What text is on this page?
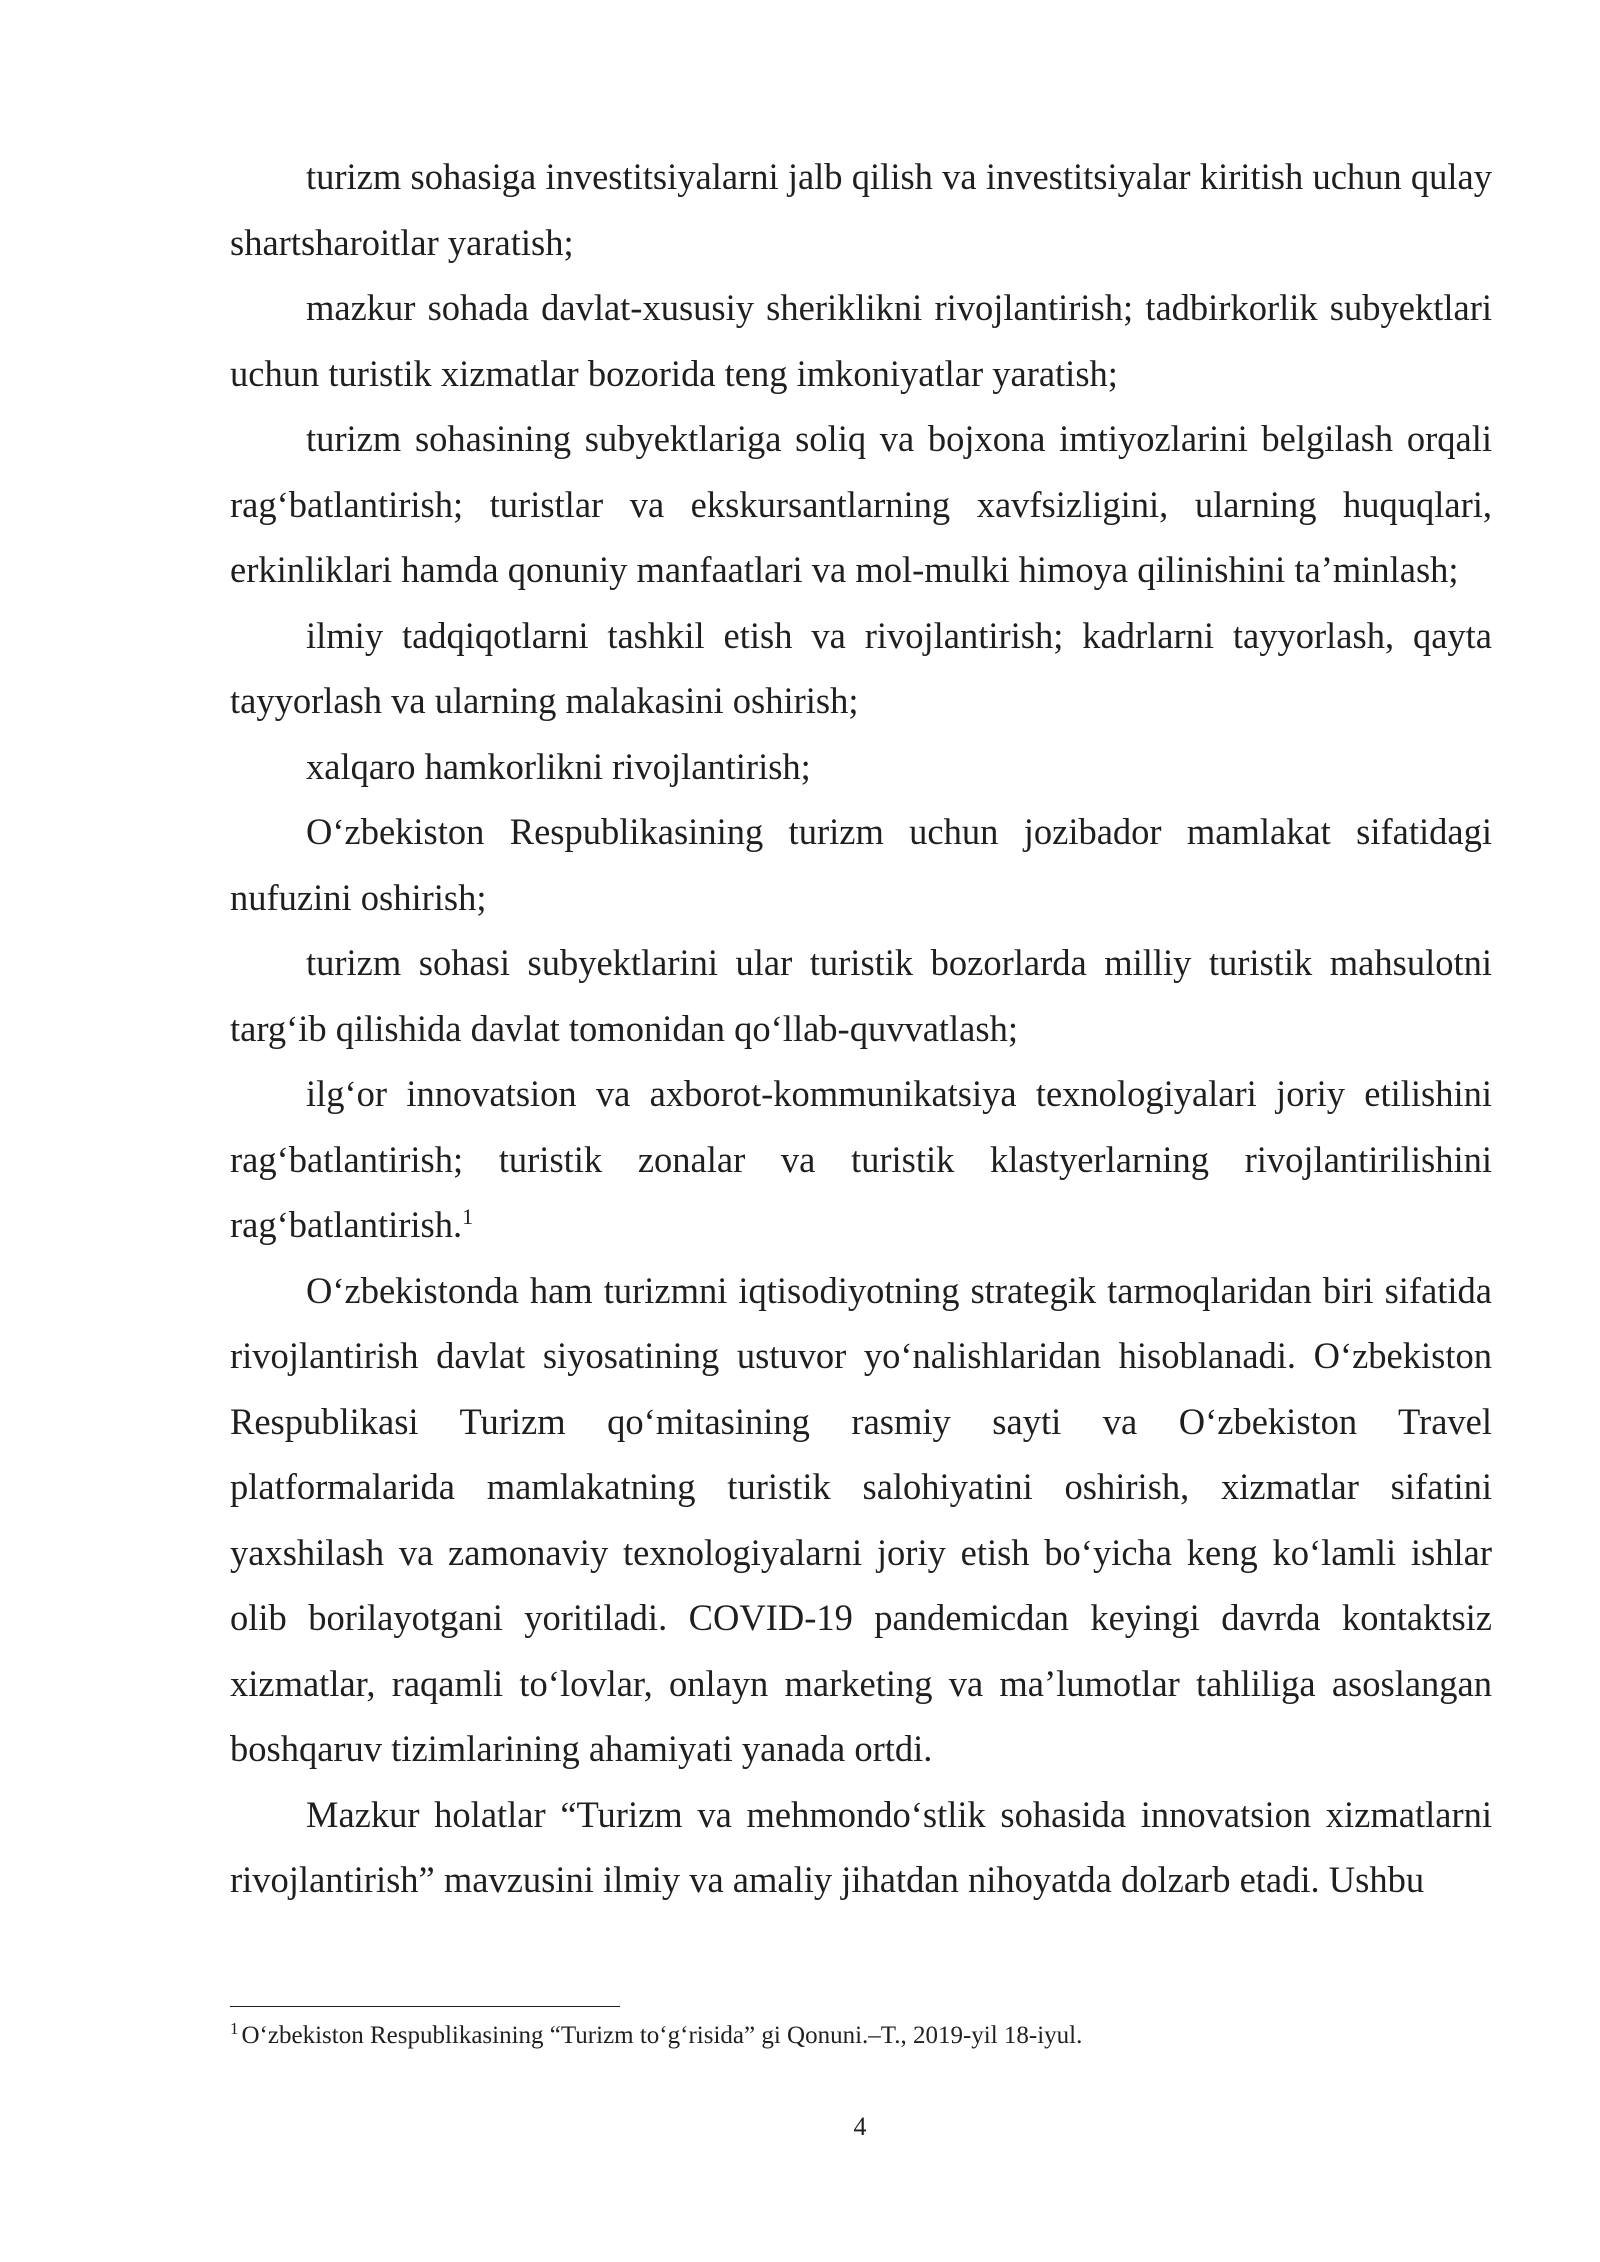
turizm sohasiga investitsiyalarni jalb qilish va investitsiyalar kiritish uchun qulay shartsharoitlar yaratish;

mazkur sohada davlat-xususiy sheriklikni rivojlantirish; tadbirkorlik subyektlari uchun turistik xizmatlar bozorida teng imkoniyatlar yaratish;

turizm sohasining subyektlariga soliq va bojxona imtiyozlarini belgilash orqali rag‘batlantirish; turistlar va ekskursantlarning xavfsizligini, ularning huquqlari, erkinliklari hamda qonuniy manfaatlari va mol-mulki himoya qilinishini ta’minlash;

ilmiy tadqiqotlarni tashkil etish va rivojlantirish; kadrlarni tayyorlash, qayta tayyorlash va ularning malakasini oshirish;

xalqaro hamkorlikni rivojlantirish;

O‘zbekiston Respublikasining turizm uchun jozibador mamlakat sifatidagi nufuzini oshirish;

turizm sohasi subyektlarini ular turistik bozorlarda milliy turistik mahsulotni targ‘ib qilishida davlat tomonidan qo‘llab-quvvatlash;

ilg‘or innovatsion va axborot-kommunikatsiya texnologiyalari joriy etilishini rag‘batlantirish; turistik zonalar va turistik klastyerlarning rivojlantirilishini rag‘batlantirish.$^1$

O‘zbekistonda ham turizmni iqtisodiyotning strategik tarmoqlaridan biri sifatida rivojlantirish davlat siyosatining ustuvor yo‘nalishlaridan hisoblanadi. O‘zbekiston Respublikasi Turizm qo‘mitasining rasmiy sayti va O‘zbekiston Travel platformalarida mamlakatning turistik salohiyatini oshirish, xizmatlar sifatini yaxshilash va zamonaviy texnologiyalarni joriy etish bo‘yicha keng ko‘lamli ishlar olib borilayotgani yoritiladi. COVID-19 pandemicdan keyingi davrda kontaktsiz xizmatlar, raqamli to‘lovlar, onlayn marketing va ma’lumotlar tahliliga asoslangan boshqaruv tizimlarining ahamiyati yanada ortdi.

Mazkur holatlar “Turizm va mehmondo‘stlik sohasida innovatsion xizmatlarni rivojlantirish” mavzusini ilmiy va amaliy jihatdan nihoyatda dolzarb etadi. Ushbu

$^1$ O‘zbekiston Respublikasining “Turizm to‘g‘risida” gi Qonuni.–T., 2019-yil 18-iyul.
4
